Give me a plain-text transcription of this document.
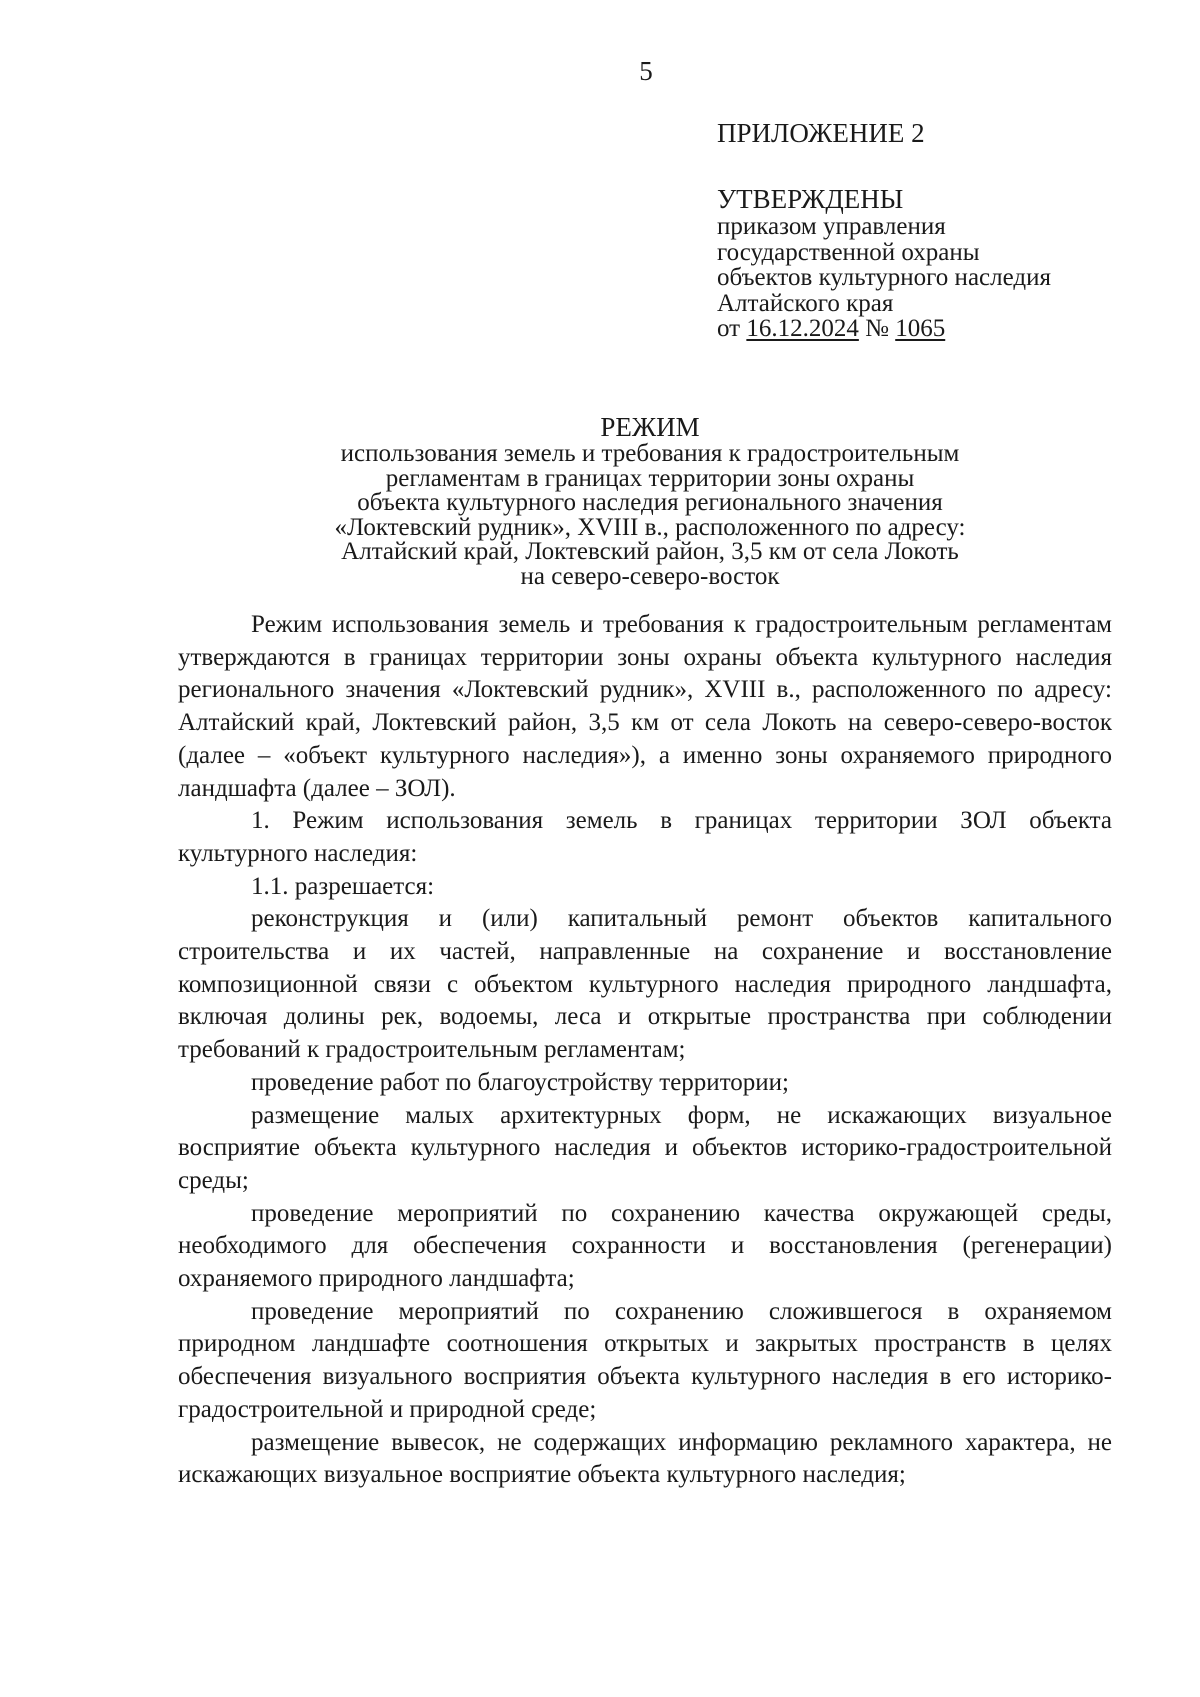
5
ПРИЛОЖЕНИЕ 2
УТВЕРЖДЕНЫ
приказом управления
государственной охраны
объектов культурного наследия
Алтайского края
от 16.12.2024 № 1065
РЕЖИМ
использования земель и требования к градостроительным
регламентам в границах территории зоны охраны
объекта культурного наследия регионального значения
«Локтевский рудник», XVIII в., расположенного по адресу:
Алтайский край, Локтевский район, 3,5 км от села Локоть
на северо-северо-восток

Режим использования земель и требования к градостроительным регламентам утверждаются в границах территории зоны охраны объекта культурного наследия регионального значения «Локтевский рудник», XVIII в., расположенного по адресу: Алтайский край, Локтевский район, 3,5 км от села Локоть на северо-северо-восток (далее – «объект культурного наследия»), а именно зоны охраняемого природного ландшафта (далее – ЗОЛ).

1. Режим использования земель в границах территории ЗОЛ объекта культурного наследия:

1.1. разрешается:

реконструкция и (или) капитальный ремонт объектов капитального строительства и их частей, направленные на сохранение и восстановление композиционной связи с объектом культурного наследия природного ландшафта, включая долины рек, водоемы, леса и открытые пространства при соблюдении требований к градостроительным регламентам;

проведение работ по благоустройству территории;

размещение малых архитектурных форм, не искажающих визуальное восприятие объекта культурного наследия и объектов историко-градостроительной среды;

проведение мероприятий по сохранению качества окружающей среды, необходимого для обеспечения сохранности и восстановления (регенерации) охраняемого природного ландшафта;

проведение мероприятий по сохранению сложившегося в охраняемом природном ландшафте соотношения открытых и закрытых пространств в целях обеспечения визуального восприятия объекта культурного наследия в его историко-градостроительной и природной среде;

размещение вывесок, не содержащих информацию рекламного характера, не искажающих визуальное восприятие объекта культурного наследия;
